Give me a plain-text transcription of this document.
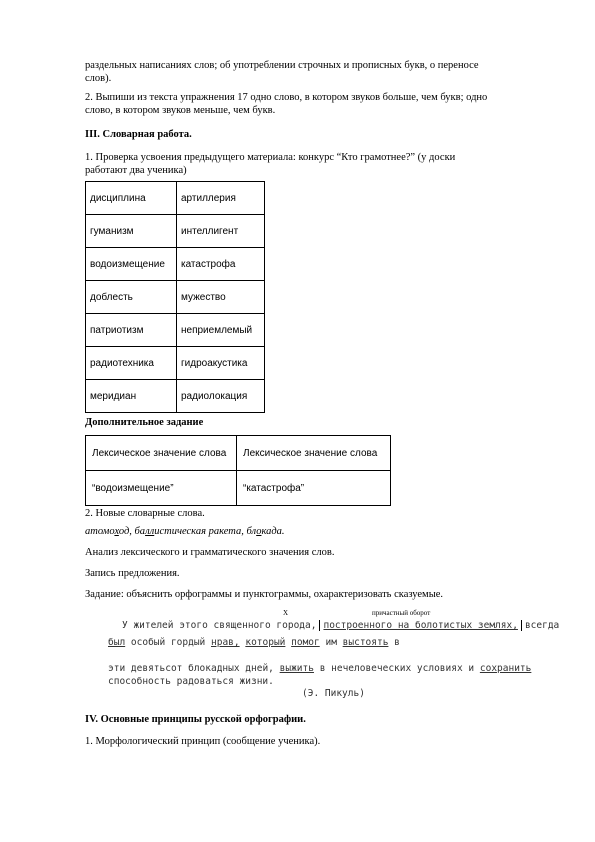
раздельных написаниях слов; об употреблении строчных и прописных букв, о переносе
слов).

2. Выпиши из текста упражнения 17 одно слово, в котором звуков больше, чем букв; одно
слово, в котором звуков меньше, чем букв.

III. Словарная работа.

1. Проверка усвоения предыдущего материала: конкурс “Кто грамотнее?” (у доски
работают два ученика)

дисциплина	артиллерия
гуманизм	интеллигент
водоизмещение	катастрофа
доблесть	мужество
патриотизм	неприемлемый
радиотехника	гидроакустика
меридиан	радиолокация

Дополнительное задание

Лексическое значение слова	Лексическое значение слова
“водоизмещение”	“катастрофа”

2. Новые словарные слова.

атомоход, баллистическая ракета, блокада.

Анализ лексического и грамматического значения слов.

Запись предложения.

Задание: объяснить орфограммы и пунктограммы, охарактеризовать сказуемые.

Х	причастный оборот
У жителей этого священного города, построенного на болотистых землях, всегда
был особый гордый нрав, который помог им выстоять в
эти девятьсот блокадных дней, выжить в нечеловеческих условиях и сохранить
способность радоваться жизни.
(Э. Пикуль)

IV. Основные принципы русской орфографии.

1. Морфологический принцип (сообщение ученика).
